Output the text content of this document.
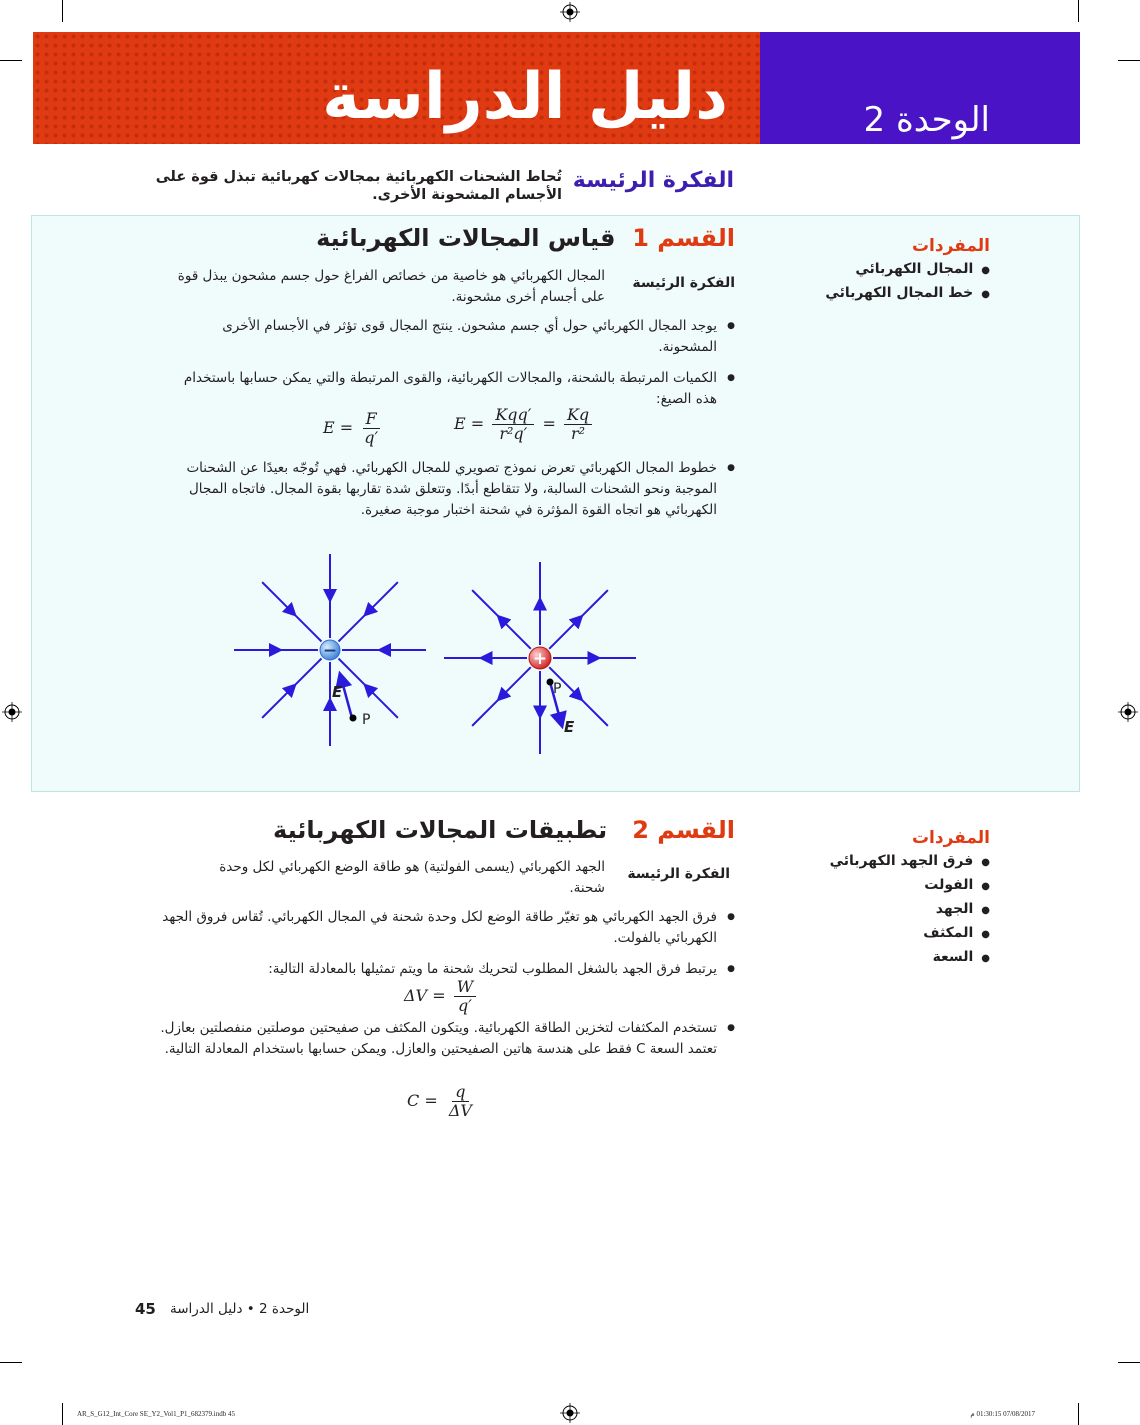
دليل الدراسة	الوحدة 2
الفكرة الرئيسة
تُحاط الشحنات الكهربائية بمجالات كهربائية تبذل قوة على الأجسام المشحونة الأخرى.
القسم 1  قياس المجالات الكهربائية	المفردات
● المجال الكهربائي
● خط المجال الكهربائي
الفكرة الرئيسة
المجال الكهربائي هو خاصية من خصائص الفراغ حول جسم مشحون يبذل قوة على أجسام أخرى مشحونة.
● يوجد المجال الكهربائي حول أي جسم مشحون. ينتج المجال قوى تؤثر في الأجسام الأخرى المشحونة.
● الكميات المرتبطة بالشحنة، والمجالات الكهربائية، والقوى المرتبطة والتي يمكن حسابها باستخدام هذه الصيغ:
$E = \frac{F}{q'}$	$E = \frac{\text{Kqq′}}{\text{r²q′}} = \frac{Kq}{\text{r²}}$
● خطوط المجال الكهربائي تعرض نموذج تصويري للمجال الكهربائي. فهي تُوجّه بعيدًا عن الشحنات الموجبة ونحو الشحنات السالبة، ولا تتقاطع أبدًا. وتتعلق شدة تقاربها بقوة المجال. فاتجاه المجال الكهربائي هو اتجاه القوة المؤثرة في شحنة اختبار موجبة صغيرة.
−	+
E
P
P
E
القسم 2   تطبيقات المجالات الكهربائية	المفردات
● فرق الجهد الكهربائي
● الفولت
● الجهد
● المكثف
● السعة
الفكرة الرئيسة
الجهد الكهربائي (يسمى الفولتية) هو طاقة الوضع الكهربائي لكل وحدة شحنة.
● فرق الجهد الكهربائي هو تغيّر طاقة الوضع لكل وحدة شحنة في المجال الكهربائي. تُقاس فروق الجهد الكهربائي بالفولت.
● يرتبط فرق الجهد بالشغل المطلوب لتحريك شحنة ما ويتم تمثيلها بالمعادلة التالية:
$\Delta V = \frac{W}{q'}$
● تستخدم المكثفات لتخزين الطاقة الكهربائية. ويتكون المكثف من صفيحتين موصلتين منفصلتين بعازل. تعتمد السعة C فقط على هندسة هاتين الصفيحتين والعازل. ويمكن حسابها باستخدام المعادلة التالية.
$C = \frac{q}{\Delta V}$
45 الوحدة 2 • دليل الدراسة
AR_S_G12_Int_Core SE_Y2_Vol1_P1_682379.indb 45	07/08/2017 01:30:15 م
